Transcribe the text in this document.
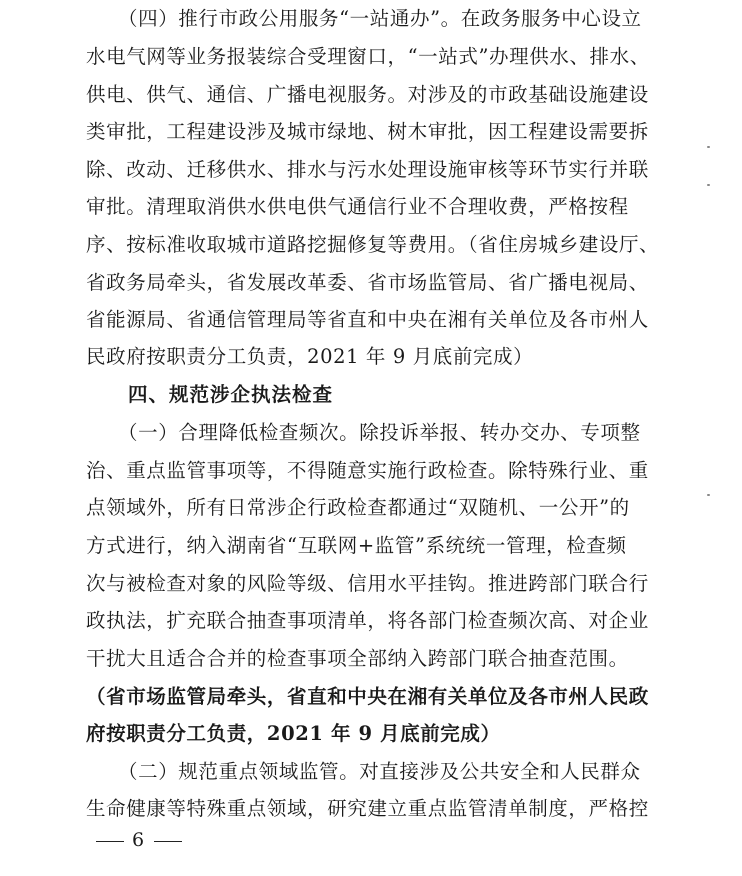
（四）推行市政公用服务“一站通办”。在政务服务中心设立
水电气网等业务报装综合受理窗口，“一站式”办理供水、排水、
供电、供气、通信、广播电视服务。对涉及的市政基础设施建设
类审批，工程建设涉及城市绿地、树木审批，因工程建设需要拆
除、改动、迁移供水、排水与污水处理设施审核等环节实行并联
审批。清理取消供水供电供气通信行业不合理收费，严格按程
序、按标准收取城市道路挖掘修复等费用。（省住房城乡建设厅、
省政务局牵头，省发展改革委、省市场监管局、省广播电视局、
省能源局、省通信管理局等省直和中央在湘有关单位及各市州人
民政府按职责分工负责，2021 年 9 月底前完成）
四、规范涉企执法检查
（一）合理降低检查频次。除投诉举报、转办交办、专项整
治、重点监管事项等，不得随意实施行政检查。除特殊行业、重
点领域外，所有日常涉企行政检查都通过“双随机、一公开”的
方式进行，纳入湖南省“互联网+监管”系统统一管理，检查频
次与被检查对象的风险等级、信用水平挂钩。推进跨部门联合行
政执法，扩充联合抽查事项清单，将各部门检查频次高、对企业
干扰大且适合合并的检查事项全部纳入跨部门联合抽查范围。
（省市场监管局牵头，省直和中央在湘有关单位及各市州人民政
府按职责分工负责，2021 年 9 月底前完成）
（二）规范重点领域监管。对直接涉及公共安全和人民群众
生命健康等特殊重点领域，研究建立重点监管清单制度，严格控
6
